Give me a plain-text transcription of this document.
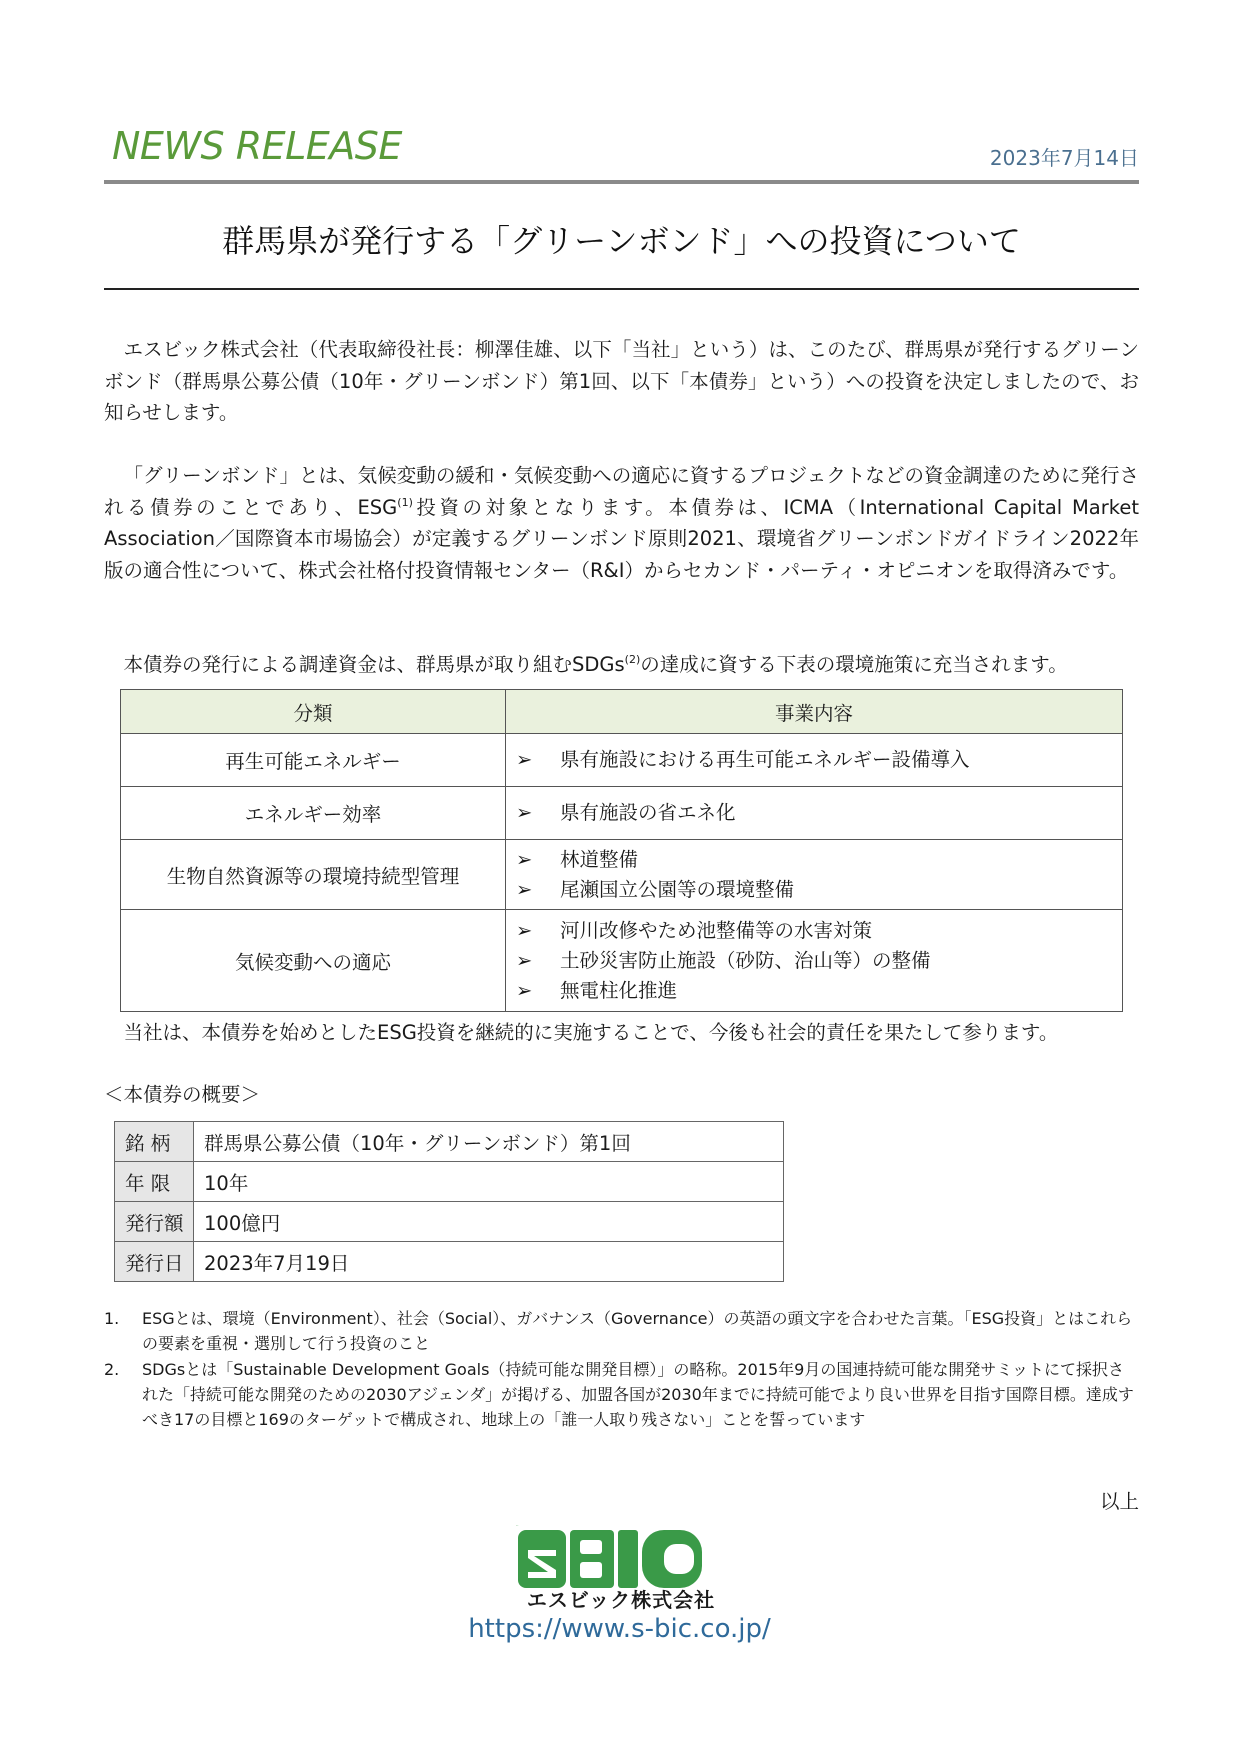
NEWS RELEASE	2023年7月14日
群馬県が発行する「グリーンボンド」への投資について

エスビック株式会社（代表取締役社長：柳澤佳雄、以下「当社」という）は、このたび、群馬県が発行するグリーンボンド（群馬県公募公債（10年・グリーンボンド）第1回、以下「本債券」という）への投資を決定しましたので、お知らせします。

「グリーンボンド」とは、気候変動の緩和・気候変動への適応に資するプロジェクトなどの資金調達のために発行される債券のことであり、ESG$^{(1)}$投資の対象となります。本債券は、ICMA（International Capital Market Association／国際資本市場協会）が定義するグリーンボンド原則2021、環境省グリーンボンドガイドライン2022年版の適合性について、株式会社格付投資情報センター（R&I）からセカンド・パーティ・オピニオンを取得済みです。

本債券の発行による調達資金は、群馬県が取り組むSDGs$^{(2)}$の達成に資する下表の環境施策に充当されます。

分類	事業内容
再生可能エネルギー	➢ 県有施設における再生可能エネルギー設備導入

エネルギー効率	➢ 県有施設の省エネ化

生物自然資源等の環境持続型管理	➢ 林道整備
➢ 尾瀬国立公園等の環境整備

気候変動への適応	➢ 河川改修やため池整備等の水害対策
➢ 土砂災害防止施設（砂防、治山等）の整備
➢ 無電柱化推進

当社は、本債券を始めとしたESG投資を継続的に実施することで、今後も社会的責任を果たして参ります。

＜本債券の概要＞
銘 柄	群馬県公募公債（10年・グリーンボンド）第1回
年 限	10年
発行額	100億円
発行日	2023年7月19日
1. ESGとは、環境（Environment）、社会（Social）、ガバナンス（Governance）の英語の頭文字を合わせた言葉。「ESG投資」とはこれらの要素を重視・選別して行う投資のこと
2. SDGsとは「Sustainable Development Goals（持続可能な開発目標）」の略称。2015年9月の国連持続可能な開発サミットにて採択された「持続可能な開発のための2030アジェンダ」が掲げる、加盟各国が2030年までに持続可能でより良い世界を目指す国際目標。達成すべき17の目標と169のターゲットで構成され、地球上の「誰一人取り残さない」ことを誓っています
以上
SBIC
エスビック株式会社
https://www.s-bic.co.jp/
